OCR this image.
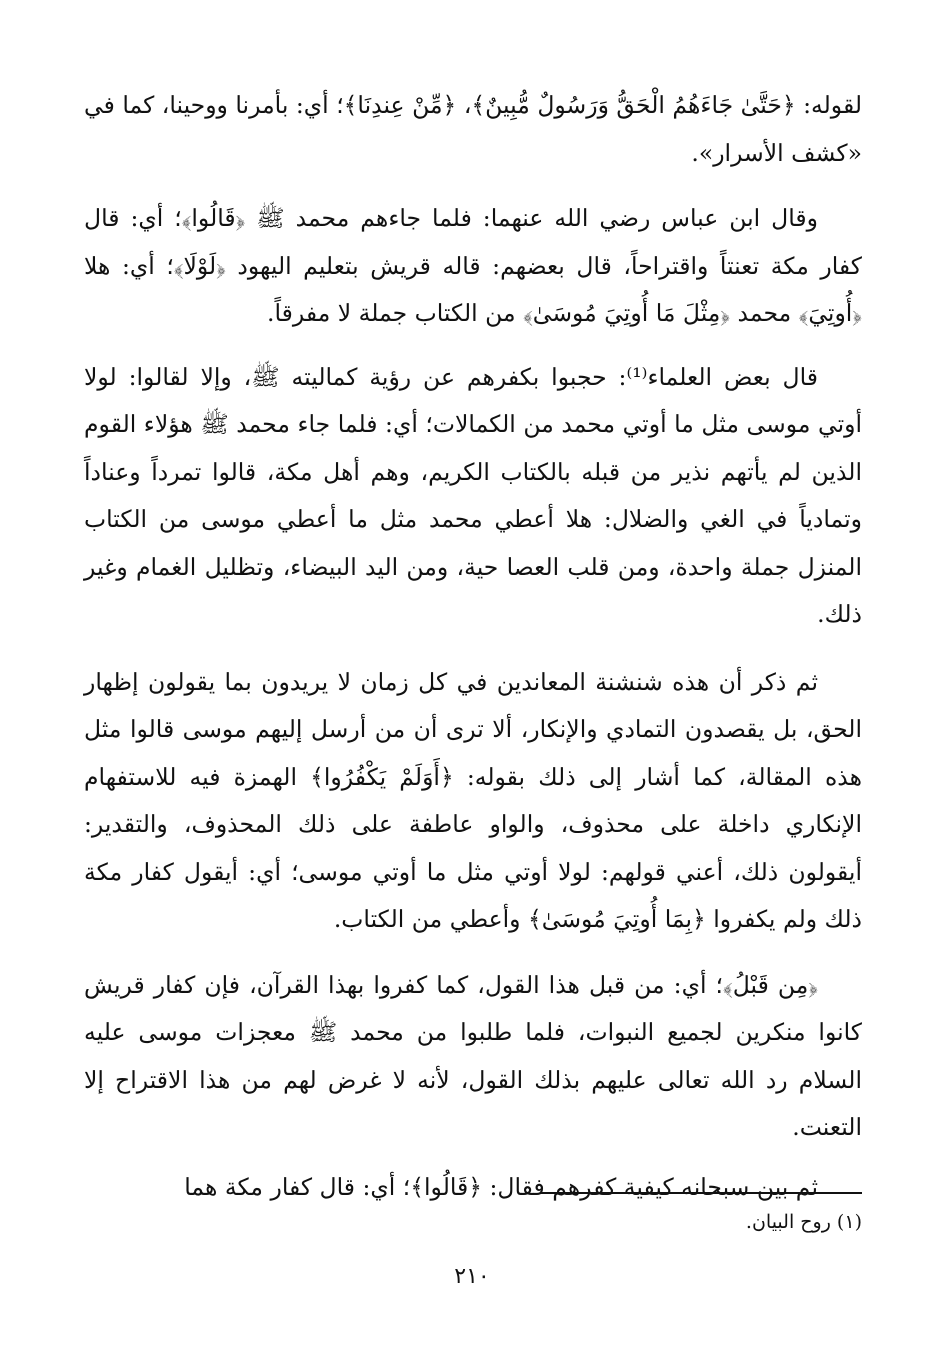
لقوله: ﴿حَتَّىٰ جَاءَهُمُ الْحَقُّ وَرَسُولٌ مُّبِينٌ﴾، ﴿مِّنْ عِندِنَا﴾؛ أي: بأمرنا ووحينا، كما في «كشف الأسرار».

وقال ابن عباس رضي الله عنهما: فلما جاءهم محمد ﷺ ﴿قَالُوا﴾؛ أي: قال كفار مكة تعنتاً واقتراحاً، قال بعضهم: قاله قريش بتعليم اليهود ﴿لَوْلَا﴾؛ أي: هلا ﴿أُوتِيَ﴾ محمد ﴿مِثْلَ مَا أُوتِيَ مُوسَىٰ﴾ من الكتاب جملة لا مفرقاً.

قال بعض العلماء⁽¹⁾: حجبوا بكفرهم عن رؤية كماليته ﷺ، وإلا لقالوا: لولا أوتي موسى مثل ما أوتي محمد من الكمالات؛ أي: فلما جاء محمد ﷺ هؤلاء القوم الذين لم يأتهم نذير من قبله بالكتاب الكريم، وهم أهل مكة، قالوا تمرداً وعناداً وتمادياً في الغي والضلال: هلا أعطي محمد مثل ما أعطي موسى من الكتاب المنزل جملة واحدة، ومن قلب العصا حية، ومن اليد البيضاء، وتظليل الغمام وغير ذلك.

ثم ذكر أن هذه شنشنة المعاندين في كل زمان لا يريدون بما يقولون إظهار الحق، بل يقصدون التمادي والإنكار، ألا ترى أن من أرسل إليهم موسى قالوا مثل هذه المقالة، كما أشار إلى ذلك بقوله: ﴿أَوَلَمْ يَكْفُرُوا﴾ الهمزة فيه للاستفهام الإنكاري داخلة على محذوف، والواو عاطفة على ذلك المحذوف، والتقدير: أيقولون ذلك، أعني قولهم: لولا أوتي مثل ما أوتي موسى؛ أي: أيقول كفار مكة ذلك ولم يكفروا ﴿بِمَا أُوتِيَ مُوسَىٰ﴾ وأعطي من الكتاب.

﴿مِن قَبْلُ﴾؛ أي: من قبل هذا القول، كما كفروا بهذا القرآن، فإن كفار قريش كانوا منكرين لجميع النبوات، فلما طلبوا من محمد ﷺ معجزات موسى عليه السلام رد الله تعالى عليهم بذلك القول، لأنه لا غرض لهم من هذا الاقتراح إلا التعنت.

ثم بين سبحانه كيفية كفرهم فقال: ﴿قَالُوا﴾؛ أي: قال كفار مكة هما

(١) روح البيان.
٢١٠
